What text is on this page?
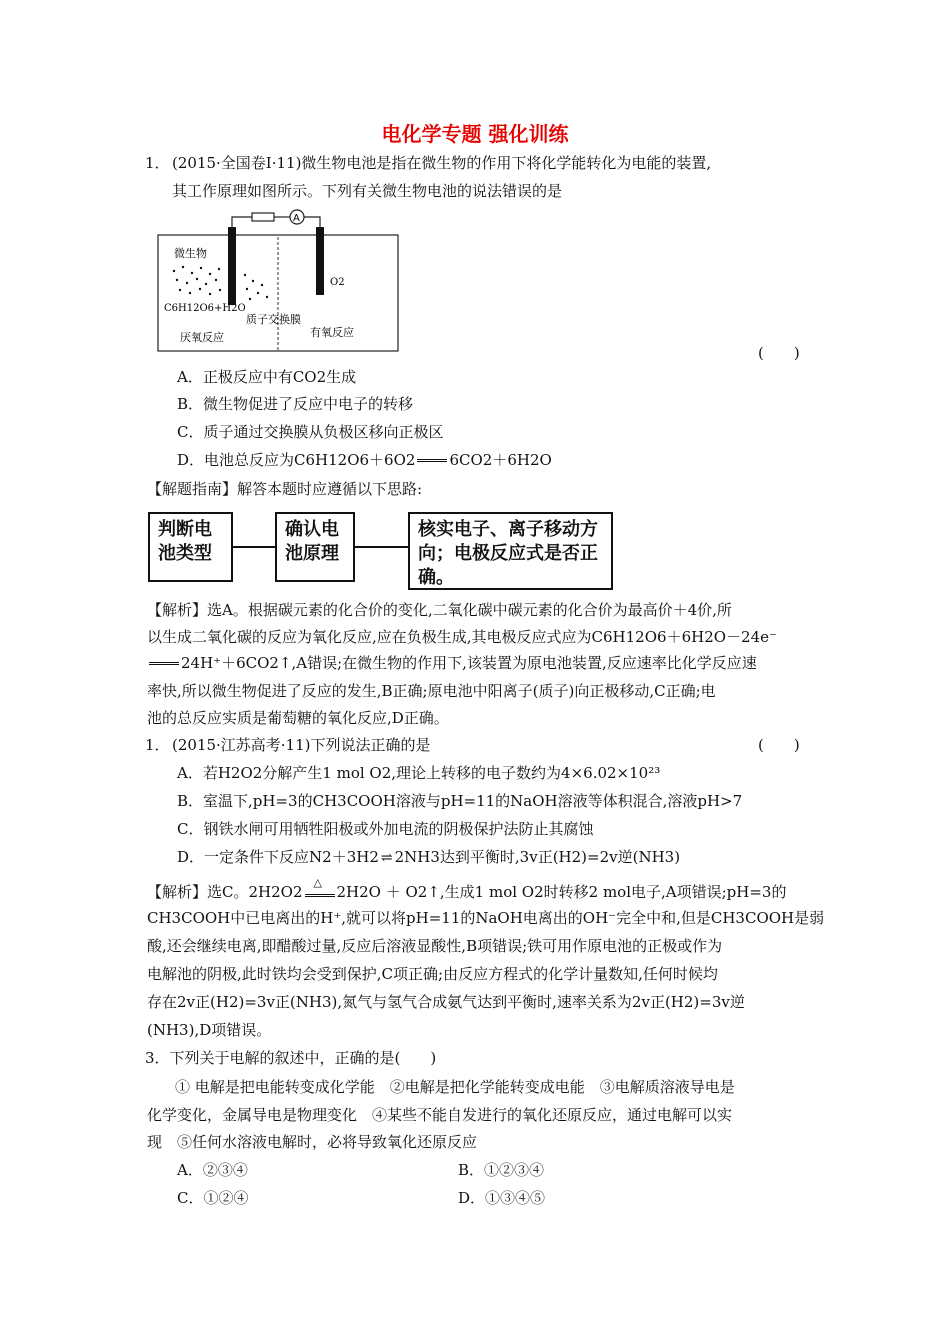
电化学专题 强化训练
1． (2015·全国卷Ⅰ·11)微生物电池是指在微生物的作用下将化学能转化为电能的装置,
其工作原理如图所示。下列有关微生物电池的说法错误的是
A
微生物
C6H12O6+H2O
质子交换膜
厌氧反应	有氧反应
O2
(　　)
A．正极反应中有CO2生成
B．微生物促进了反应中电子的转移
C．质子通过交换膜从负极区移向正极区
D．电池总反应为C6H12O6＋6O2 6CO2＋6H2O
【解题指南】解答本题时应遵循以下思路:
判断电池类型
确认电池原理
核实电子、离子移动方向；电极反应式是否正确。
【解析】选A。根据碳元素的化合价的变化,二氧化碳中碳元素的化合价为最高价＋4价,所
以生成二氧化碳的反应为氧化反应,应在负极生成,其电极反应式应为C6H12O6＋6H2O－24e⁻
24H⁺＋6CO2↑,A错误;在微生物的作用下,该装置为原电池装置,反应速率比化学反应速
率快,所以微生物促进了反应的发生,B正确;原电池中阳离子(质子)向正极移动,C正确;电
池的总反应实质是葡萄糖的氧化反应,D正确。
1． (2015·江苏高考·11)下列说法正确的是	(　　)
A．若H2O2分解产生1 mol O2,理论上转移的电子数约为4×6.02×10²³
B．室温下,pH=3的CH3COOH溶液与pH=11的NaOH溶液等体积混合,溶液pH>7
C．钢铁水闸可用牺牲阳极或外加电流的阴极保护法防止其腐蚀
D．一定条件下反应N2＋3H2 ⇌ 2NH3达到平衡时,3v正(H2)=2v逆(NH3)
【解析】选C。2H2O2
△
2H2O ＋ O2↑,生成1 mol O2时转移2 mol电子,A项错误;pH=3的
CH3COOH中已电离出的H⁺,就可以将pH=11的NaOH电离出的OH⁻完全中和,但是CH3COOH是弱
酸,还会继续电离,即醋酸过量,反应后溶液显酸性,B项错误;铁可用作原电池的正极或作为
电解池的阴极,此时铁均会受到保护,C项正确;由反应方程式的化学计量数知,任何时候均
存在2v正(H2)=3v正(NH3),氮气与氢气合成氨气达到平衡时,速率关系为2v正(H2)=3v逆
(NH3),D项错误。
3．下列关于电解的叙述中，正确的是(　　)
① 电解是把电能转变成化学能　②电解是把化学能转变成电能　③电解质溶液导电是
化学变化，金属导电是物理变化　④某些不能自发进行的氧化还原反应，通过电解可以实
现　⑤任何水溶液电解时，必将导致氧化还原反应
A．②③④	B．①②③④
C．①②④	D．①③④⑤
